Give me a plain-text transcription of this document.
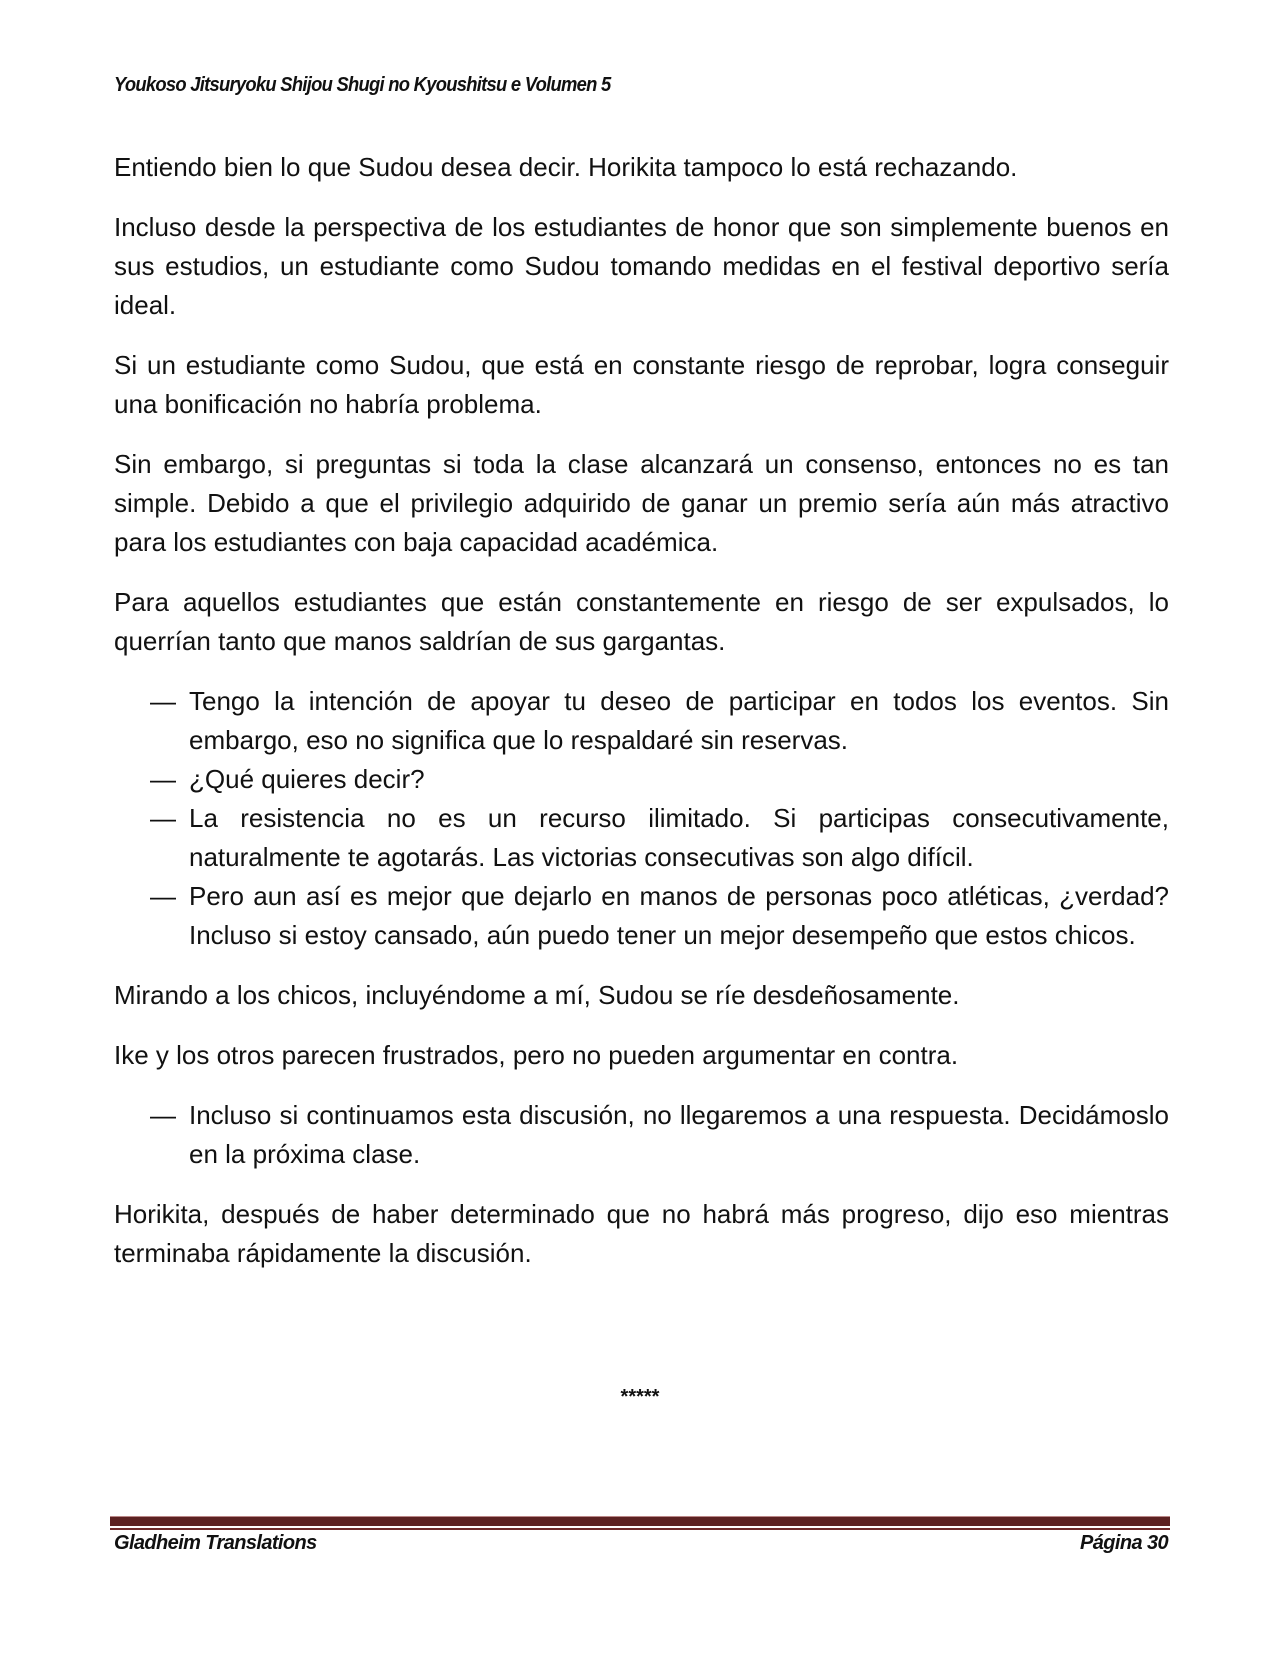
Youkoso Jitsuryoku Shijou Shugi no Kyoushitsu e Volumen 5

Entiendo bien lo que Sudou desea decir. Horikita tampoco lo está rechazando.

Incluso desde la perspectiva de los estudiantes de honor que son simplemente buenos en sus estudios, un estudiante como Sudou tomando medidas en el festival deportivo sería ideal.

Si un estudiante como Sudou, que está en constante riesgo de reprobar, logra conseguir una bonificación no habría problema.

Sin embargo, si preguntas si toda la clase alcanzará un consenso, entonces no es tan simple. Debido a que el privilegio adquirido de ganar un premio sería aún más atractivo para los estudiantes con baja capacidad académica.

Para aquellos estudiantes que están constantemente en riesgo de ser expulsados, lo querrían tanto que manos saldrían de sus gargantas.

— Tengo la intención de apoyar tu deseo de participar en todos los eventos. Sin embargo, eso no significa que lo respaldaré sin reservas.
— ¿Qué quieres decir?
— La resistencia no es un recurso ilimitado. Si participas consecutivamente, naturalmente te agotarás. Las victorias consecutivas son algo difícil.
— Pero aun así es mejor que dejarlo en manos de personas poco atléticas, ¿verdad? Incluso si estoy cansado, aún puedo tener un mejor desempeño que estos chicos.

Mirando a los chicos, incluyéndome a mí, Sudou se ríe desdeñosamente.

Ike y los otros parecen frustrados, pero no pueden argumentar en contra.

— Incluso si continuamos esta discusión, no llegaremos a una respuesta. Decidámoslo en la próxima clase.

Horikita, después de haber determinado que no habrá más progreso, dijo eso mientras terminaba rápidamente la discusión.

*****
Gladheim Translations	Página 30
